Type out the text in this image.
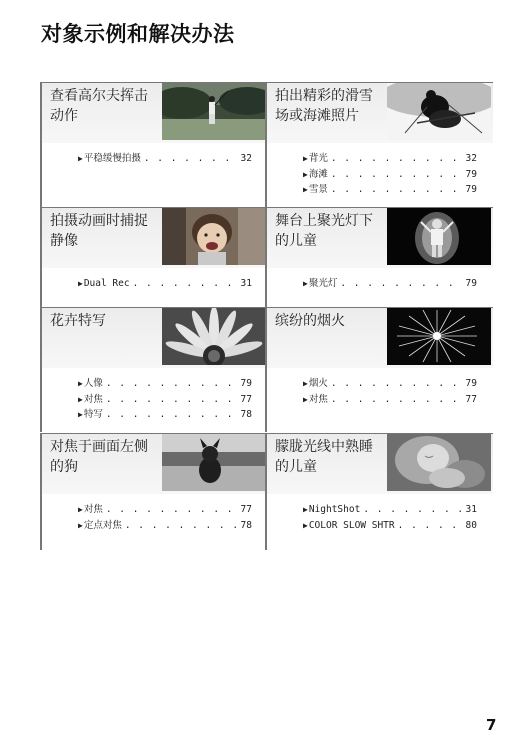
对象示例和解决办法
查看高尔夫挥击动作
▶ 平稳缓慢拍摄 . . .	32
拍出精彩的滑雪场或海滩照片
▶ 背光 . . .	32
▶ 海滩 . . .	79
▶ 雪景 . . .	79
拍摄动画时捕捉静像
▶ Dual Rec . . .	31
舞台上聚光灯下的儿童
▶ 聚光灯 . . .	79
花卉特写
▶ 人像 . . .	79
▶ 对焦 . . .	77
▶ 特写 . . .	78
缤纷的烟火
▶ 烟火 . . .	79
▶ 对焦 . . .	77
对焦于画面左侧的狗
▶ 对焦 . . .	77
▶ 定点对焦 . . .	78
朦胧光线中熟睡的儿童
▶ NightShot . . .	31
▶ COLOR SLOW SHTR . . .	80
7
